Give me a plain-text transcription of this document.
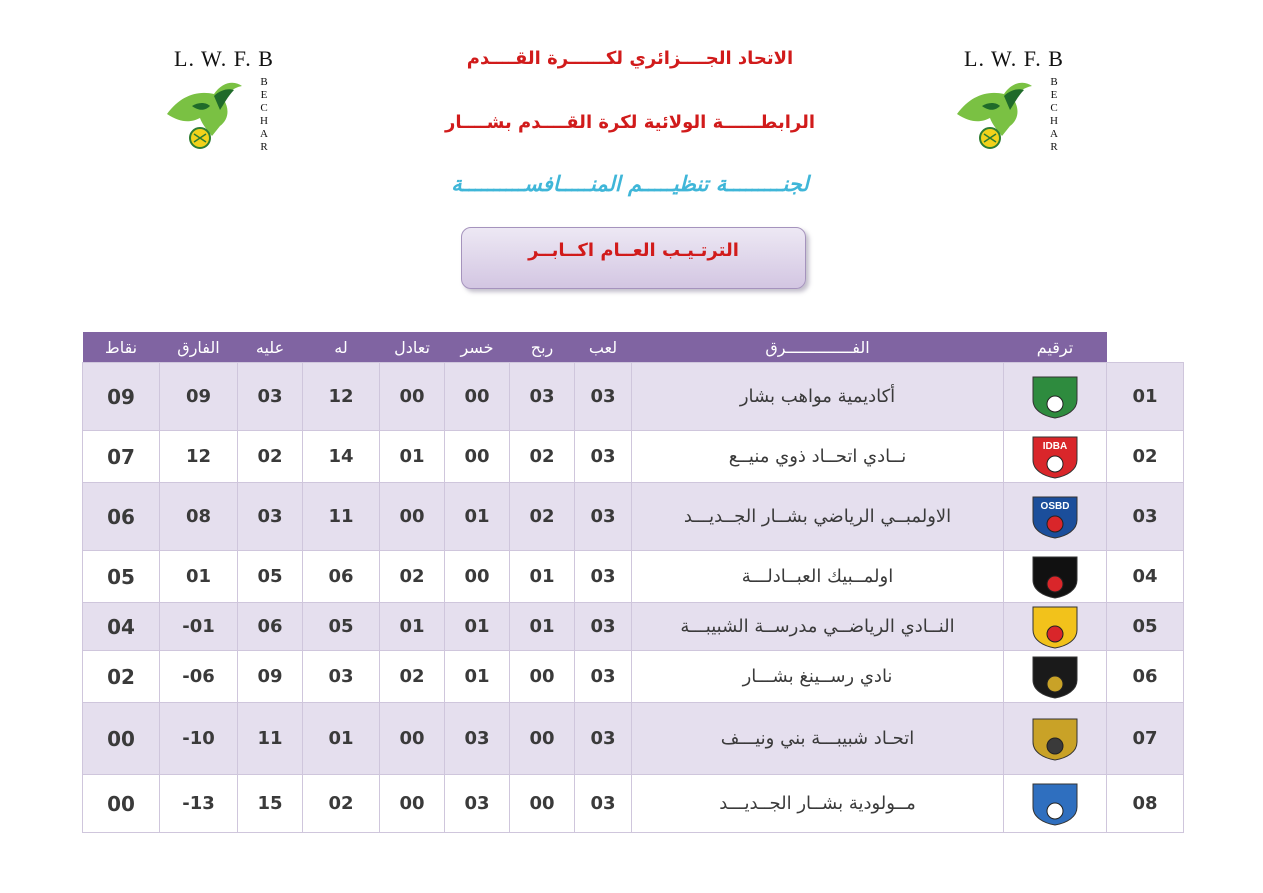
L. W. F. B
B
E
C
H
A
R
L. W. F. B
B
E
C
H
A
R
الاتحاد الجــــزائري لكــــــرة القــــدم
الرابطــــــة الولائية لكرة القــــدم بشــــار
لجنـــــــــة تنظيـــــم المنـــــافســــــــــة
الترتـيـب العــام اكــابــر
نقاط	الفارق	عليه	له	تعادل	خسر	ربح	لعب	الفــــــــــــــرق	ترقيم	
09	09	03	12	00	00	03	03	أكاديمية مواهب بشار		01
07	12	02	14	01	00	02	03	نــادي اتحــاد ذوي منيــع	IDBA	02
06	08	03	11	00	01	02	03	الاولمبــي الرياضي بشــار الجــديـــد	OSBD	03
05	01	05	06	02	00	01	03	اولمــبيك العبــادلـــة		04
04	-01	06	05	01	01	01	03	النــادي الرياضــي مدرســة الشبيبـــة		05
02	-06	09	03	02	01	00	03	نادي رســينغ بشـــار		06
00	-10	11	01	00	03	00	03	اتحـاد شبيبـــة بني ونيـــف		07
00	-13	15	02	00	03	00	03	مــولودية بشــار الجــديـــد		08
